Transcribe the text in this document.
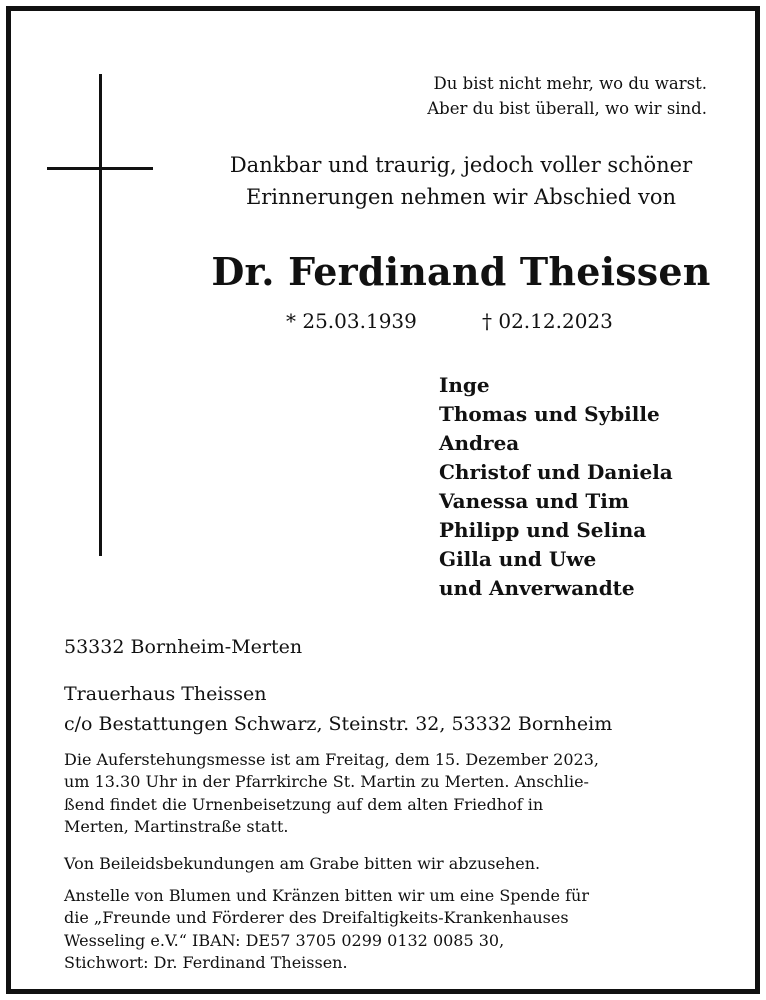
Du bist nicht mehr, wo du warst.
Aber du bist überall, wo wir sind.
Dankbar und traurig, jedoch voller schöner
Erinnerungen nehmen wir Abschied von
Dr. Ferdinand Theissen
* 25.03.1939	† 02.12.2023
Inge
Thomas und Sybille
Andrea
Christof und Daniela
Vanessa und Tim
Philipp und Selina
Gilla und Uwe
und Anverwandte
53332 Bornheim-Merten
Trauerhaus Theissen
c/o Bestattungen Schwarz, Steinstr. 32, 53332 Bornheim
Die Auferstehungsmesse ist am Freitag, dem 15. Dezember 2023,
um 13.30 Uhr in der Pfarrkirche St. Martin zu Merten. Anschlie-
ßend findet die Urnenbeisetzung auf dem alten Friedhof in
Merten, Martinstraße statt.
Von Beileidsbekundungen am Grabe bitten wir abzusehen.
Anstelle von Blumen und Kränzen bitten wir um eine Spende für
die „Freunde und Förderer des Dreifaltigkeits-Krankenhauses
Wesseling e.V.“ IBAN: DE57 3705 0299 0132 0085 30,
Stichwort: Dr. Ferdinand Theissen.
